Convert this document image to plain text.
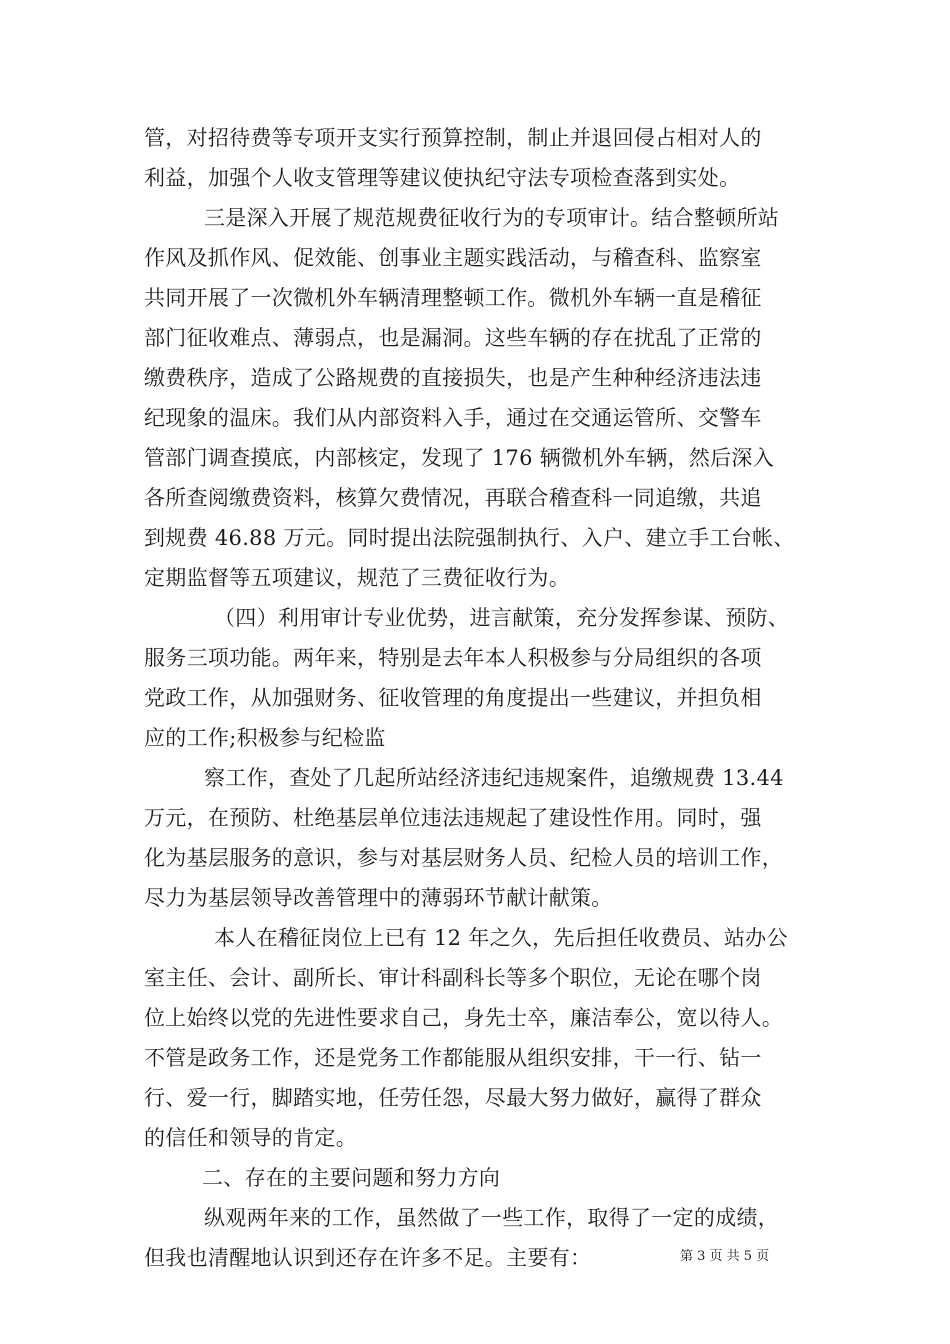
管，对招待费等专项开支实行预算控制，制止并退回侵占相对人的
利益，加强个人收支管理等建议使执纪守法专项检查落到实处。
三是深入开展了规范规费征收行为的专项审计。结合整顿所站
作风及抓作风、促效能、创事业主题实践活动，与稽查科、监察室
共同开展了一次微机外车辆清理整顿工作。微机外车辆一直是稽征
部门征收难点、薄弱点，也是漏洞。这些车辆的存在扰乱了正常的
缴费秩序，造成了公路规费的直接损失，也是产生种种经济违法违
纪现象的温床。我们从内部资料入手，通过在交通运管所、交警车
管部门调查摸底，内部核定，发现了 176 辆微机外车辆，然后深入
各所查阅缴费资料，核算欠费情况，再联合稽查科一同追缴，共追
到规费 46.88 万元。同时提出法院强制执行、入户、建立手工台帐、
定期监督等五项建议，规范了三费征收行为。
（四）利用审计专业优势，进言献策，充分发挥参谋、预防、
服务三项功能。两年来，特别是去年本人积极参与分局组织的各项
党政工作，从加强财务、征收管理的角度提出一些建议，并担负相
应的工作;积极参与纪检监
察工作，查处了几起所站经济违纪违规案件，追缴规费 13.44
万元，在预防、杜绝基层单位违法违规起了建设性作用。同时，强
化为基层服务的意识，参与对基层财务人员、纪检人员的培训工作，
尽力为基层领导改善管理中的薄弱环节献计献策。
本人在稽征岗位上已有 12 年之久，先后担任收费员、站办公
室主任、会计、副所长、审计科副科长等多个职位，无论在哪个岗
位上始终以党的先进性要求自己，身先士卒，廉洁奉公，宽以待人。
不管是政务工作，还是党务工作都能服从组织安排，干一行、钻一
行、爱一行，脚踏实地，任劳任怨，尽最大努力做好，赢得了群众
的信任和领导的肯定。
二、存在的主要问题和努力方向
纵观两年来的工作，虽然做了一些工作，取得了一定的成绩，
但我也清醒地认识到还存在许多不足。主要有：	第 3 页 共 5 页
